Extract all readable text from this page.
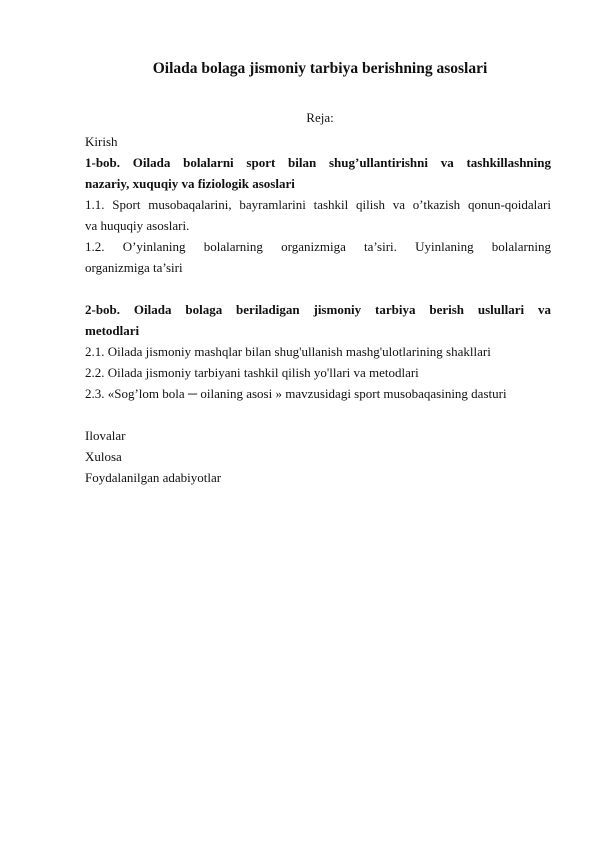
Oilada bolaga jismoniy tarbiya berishning asoslari
Reja:
Kirish
1-bob. Oilada bolalarni sport bilan shug’ullantirishni va tashkillashning
nazariy, xuquqiy va fiziologik asoslari
1.1. Sport musobaqalarini, bayramlarini tashkil qilish va o’tkazish qonun-qoidalari
va huquqiy asoslari.
1.2. O’yinlaning bolalarning organizmiga ta’siri. Uyinlaning bolalarning
organizmiga ta’siri
2-bob. Oilada bolaga beriladigan jismoniy tarbiya berish uslullari va
metodlari
2.1. Oilada jismoniy mashqlar bilan shug'ullanish mashg'ulotlarining shakllari
2.2. Oilada jismoniy tarbiyani tashkil qilish yo'llari va metodlari
2.3. «Sog’lom bola ─ oilaning asosi » mavzusidagi sport musobaqasining dasturi
Ilovalar
Xulosa
Foydalanilgan adabiyotlar
